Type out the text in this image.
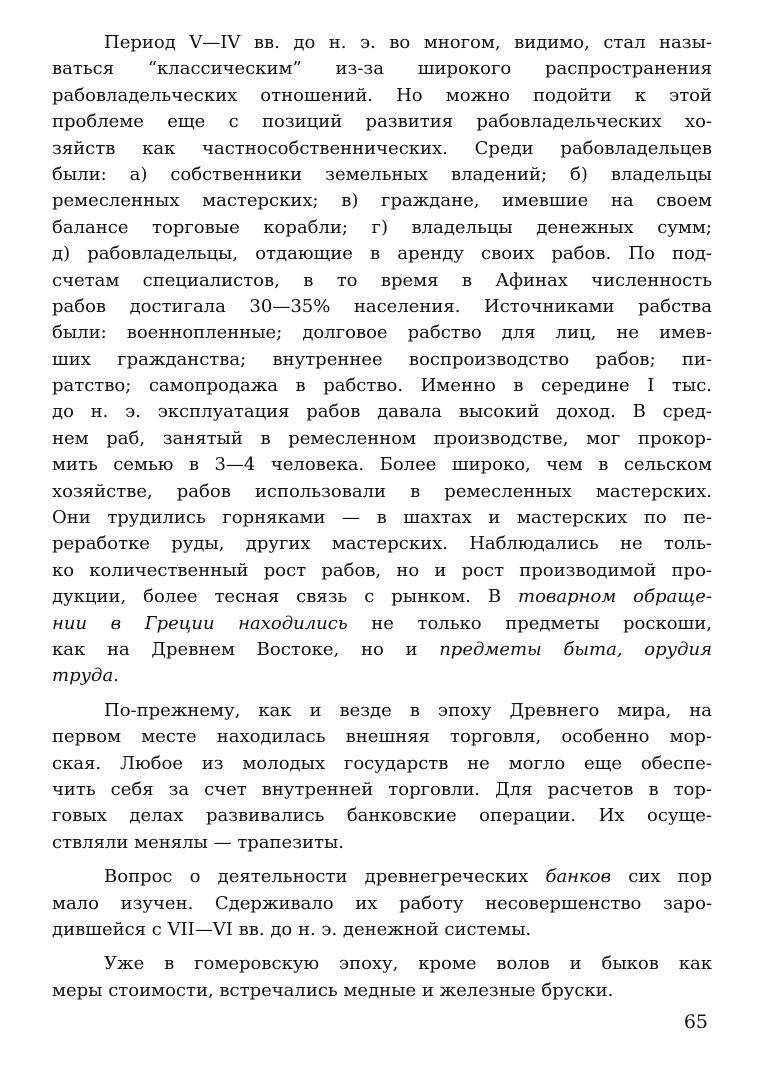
Период V—IV вв. до н. э. во многом, видимо, стал назы-
ваться “классическим” из-за широкого распространения
рабовладельческих отношений. Но можно подойти к этой
проблеме еще с позиций развития рабовладельческих хо-
зяйств как частнособственнических. Среди рабовладельцев
были: а) собственники земельных владений; б) владельцы
ремесленных мастерских; в) граждане, имевшие на своем
балансе торговые корабли; г) владельцы денежных сумм;
д) рабовладельцы, отдающие в аренду своих рабов. По под-
счетам специалистов, в то время в Афинах численность
рабов достигала 30—35% населения. Источниками рабства
были: военнопленные; долговое рабство для лиц, не имев-
ших гражданства; внутреннее воспроизводство рабов; пи-
ратство; самопродажа в рабство. Именно в середине I тыс.
до н. э. эксплуатация рабов давала высокий доход. В сред-
нем раб, занятый в ремесленном производстве, мог прокор-
мить семью в 3—4 человека. Более широко, чем в сельском
хозяйстве, рабов использовали в ремесленных мастерских.
Они трудились горняками — в шахтах и мастерских по пе-
реработке руды, других мастерских. Наблюдались не толь-
ко количественный рост рабов, но и рост производимой про-
дукции, более тесная связь с рынком. В товарном обраще-
нии в Греции находились не только предметы роскоши,
как на Древнем Востоке, но и предметы быта, орудия
труда.
По-прежнему, как и везде в эпоху Древнего мира, на
первом месте находилась внешняя торговля, особенно мор-
ская. Любое из молодых государств не могло еще обеспе-
чить себя за счет внутренней торговли. Для расчетов в тор-
говых делах развивались банковские операции. Их осуще-
ствляли менялы — трапезиты.
Вопрос о деятельности древнегреческих банков сих пор
мало изучен. Сдерживало их работу несовершенство заро-
дившейся с VII—VI вв. до н. э. денежной системы.
Уже в гомеровскую эпоху, кроме волов и быков как
меры стоимости, встречались медные и железные бруски.
65
